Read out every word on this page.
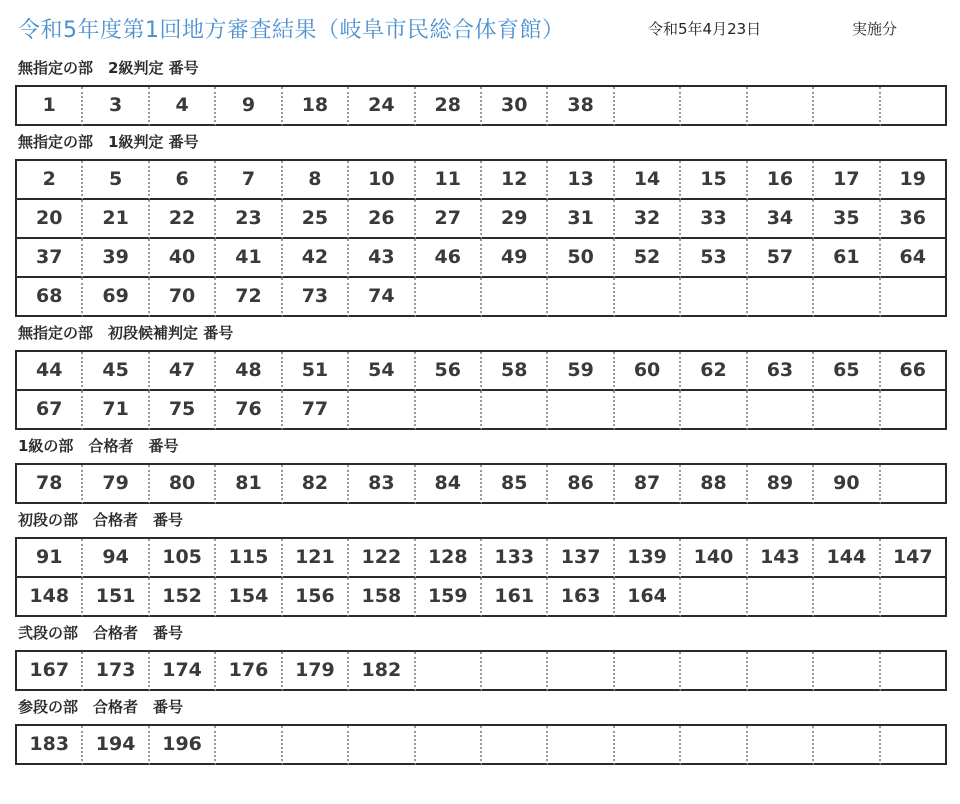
令和5年度第1回地方審査結果（岐阜市民総合体育館）	令和5年4月23日	実施分
無指定の部　2級判定 番号
1	3	4	9	18	24	28	30	38
無指定の部　1級判定 番号
2	5	6	7	8	10	11	12	13	14	15	16	17	19
20	21	22	23	25	26	27	29	31	32	33	34	35	36
37	39	40	41	42	43	46	49	50	52	53	57	61	64
68	69	70	72	73	74
無指定の部　初段候補判定 番号
44	45	47	48	51	54	56	58	59	60	62	63	65	66
67	71	75	76	77
1級の部　合格者　番号
78	79	80	81	82	83	84	85	86	87	88	89	90
初段の部　合格者　番号
91	94	105	115	121	122	128	133	137	139	140	143	144	147
148	151	152	154	156	158	159	161	163	164
弐段の部　合格者　番号
167	173	174	176	179	182
参段の部　合格者　番号
183	194	196
